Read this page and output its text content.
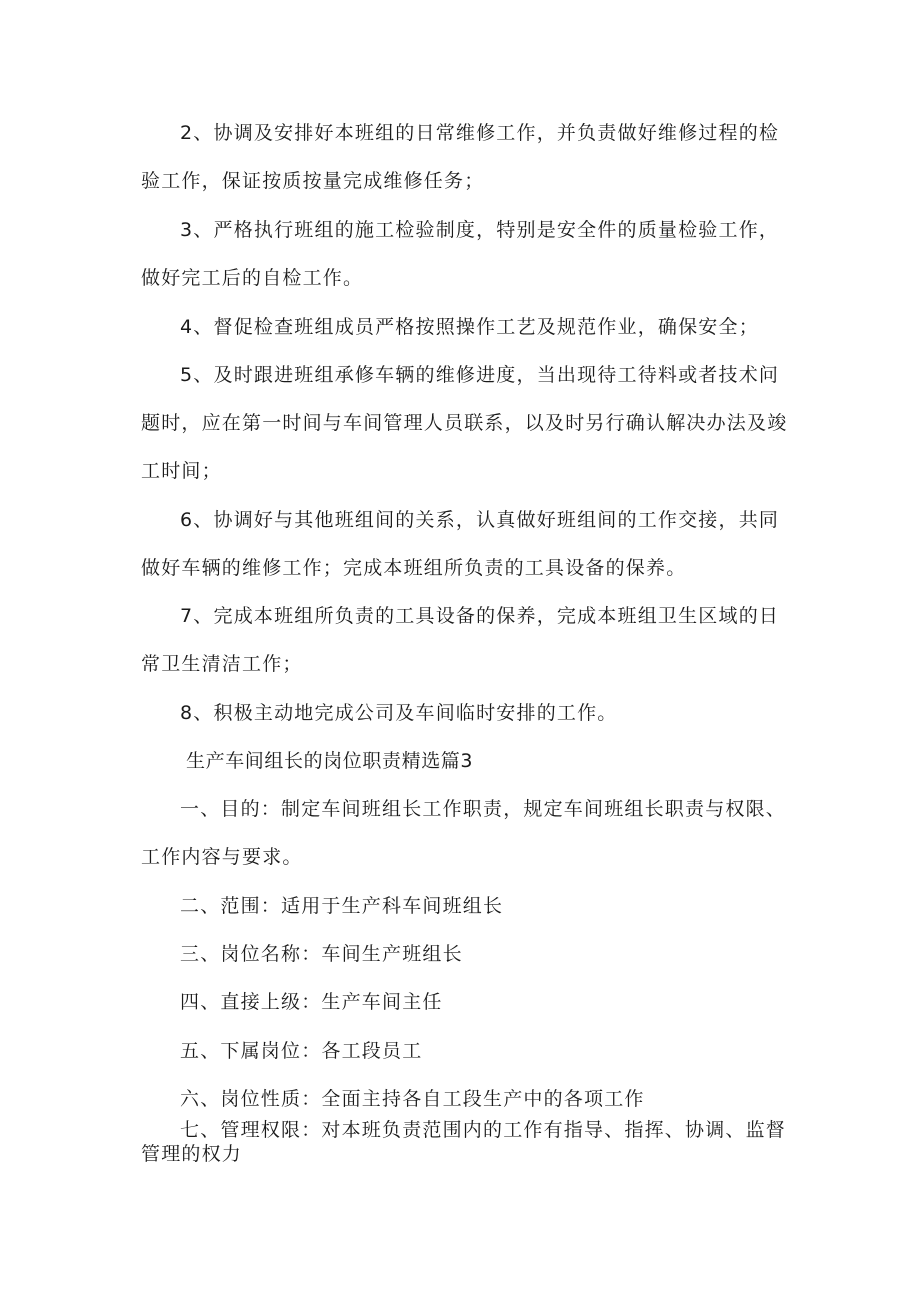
2、协调及安排好本班组的日常维修工作，并负责做好维修过程的检
验工作，保证按质按量完成维修任务；
3、严格执行班组的施工检验制度，特别是安全件的质量检验工作，
做好完工后的自检工作。
4、督促检查班组成员严格按照操作工艺及规范作业，确保安全；
5、及时跟进班组承修车辆的维修进度，当出现待工待料或者技术问
题时，应在第一时间与车间管理人员联系，以及时另行确认解决办法及竣
工时间；
6、协调好与其他班组间的关系，认真做好班组间的工作交接，共同
做好车辆的维修工作；完成本班组所负责的工具设备的保养。
7、完成本班组所负责的工具设备的保养，完成本班组卫生区域的日
常卫生清洁工作；
8、积极主动地完成公司及车间临时安排的工作。
生产车间组长的岗位职责精选篇3
一、目的：制定车间班组长工作职责，规定车间班组长职责与权限、
工作内容与要求。
二、范围：适用于生产科车间班组长
三、岗位名称：车间生产班组长
四、直接上级：生产车间主任
五、下属岗位：各工段员工
六、岗位性质：全面主持各自工段生产中的各项工作
七、管理权限：对本班负责范围内的工作有指导、指挥、协调、监督
管理的权力
